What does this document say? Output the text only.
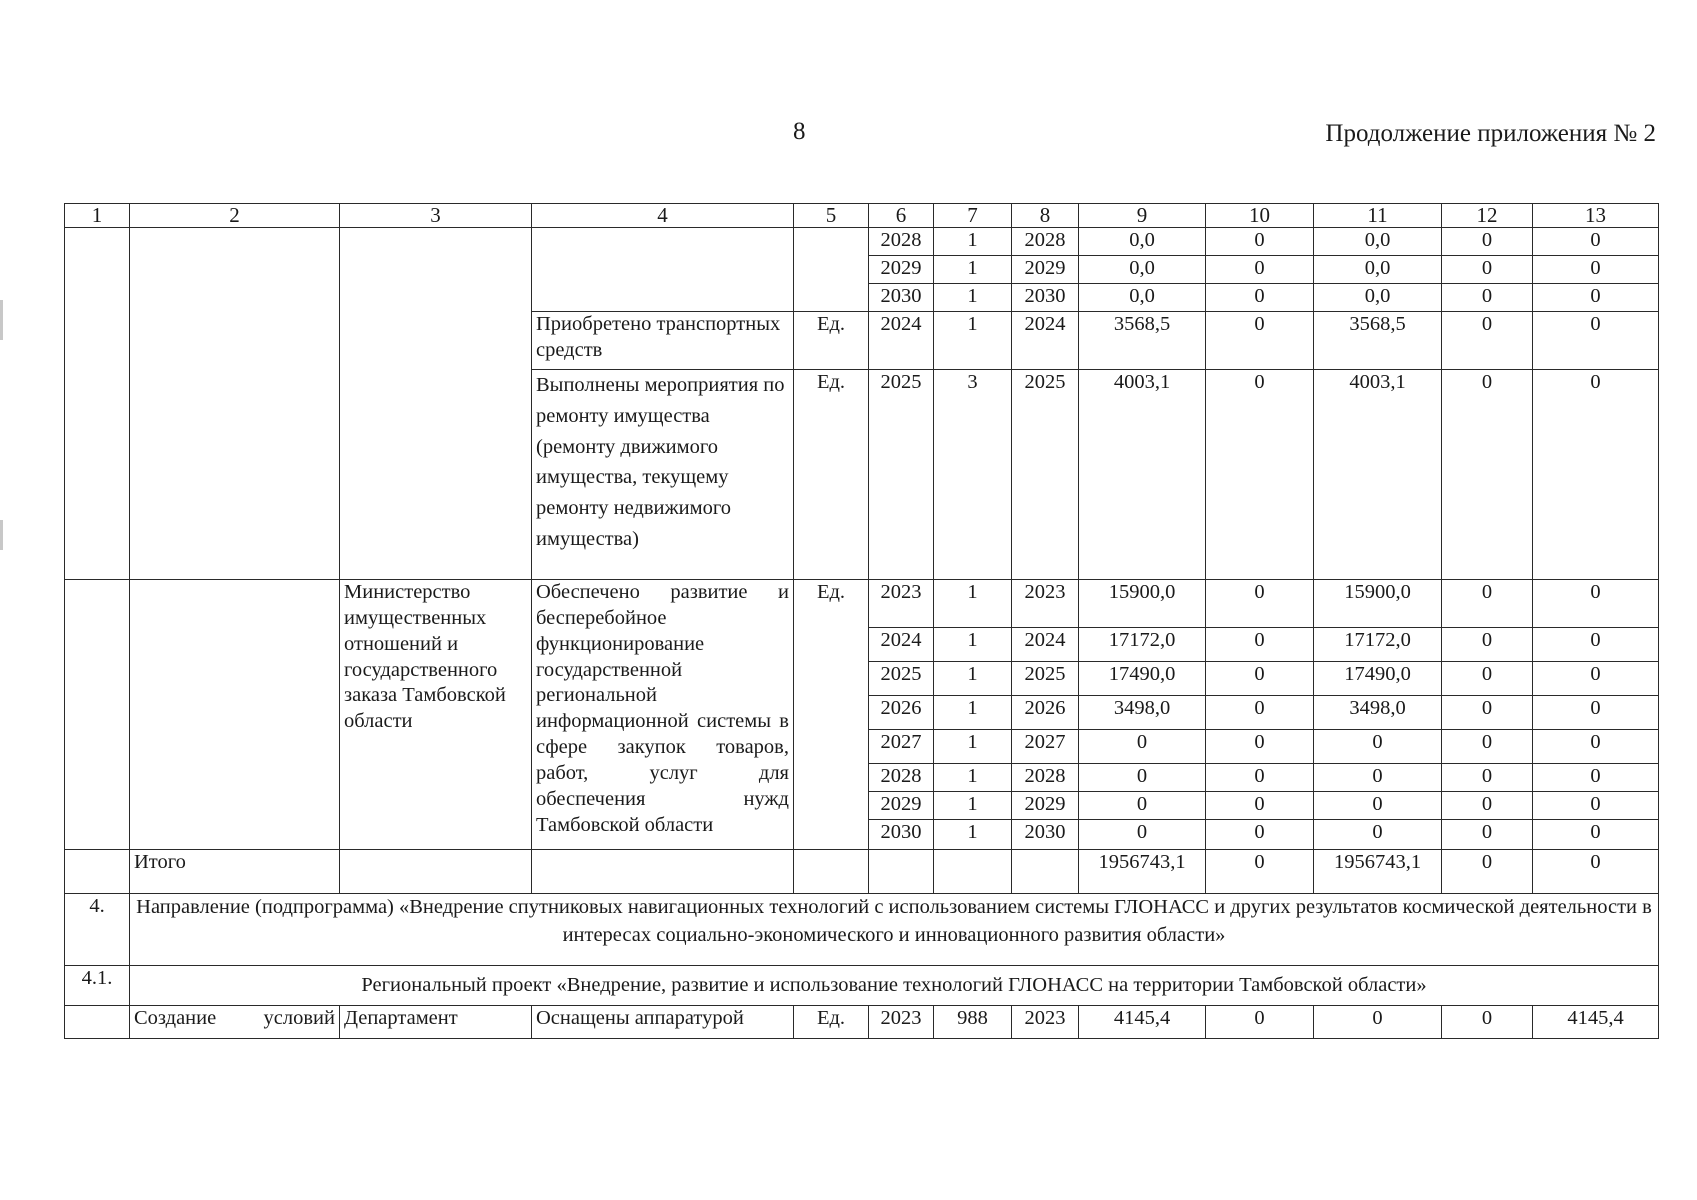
8	Продолжение приложения № 2
1	2	3	4	5	6	7	8	9	10	11	12	13
					2028	1	2028	0,0	0	0,0	0	0
					2029	1	2029	0,0	0	0,0	0	0
					2030	1	2030	0,0	0	0,0	0	0
			Приобретено транспортных средств	Ед.	2024	1	2024	3568,5	0	3568,5	0	0
			Выполнены мероприятия по ремонту имущества (ремонту движимого имущества, текущему ремонту недвижимого имущества)	Ед.	2025	3	2025	4003,1	0	4003,1	0	0
		Министерство имущественных отношений и государственного заказа Тамбовской области	Обеспечено развитие и бесперебойное функционирование государственной региональной информационной системы в сфере закупок товаров, работ, услуг для обеспечения нужд Тамбовской области	Ед.	2023	1	2023	15900,0	0	15900,0	0	0
					2024	1	2024	17172,0	0	17172,0	0	0
					2025	1	2025	17490,0	0	17490,0	0	0
					2026	1	2026	3498,0	0	3498,0	0	0
					2027	1	2027	0	0	0	0	0
					2028	1	2028	0	0	0	0	0
					2029	1	2029	0	0	0	0	0
					2030	1	2030	0	0	0	0	0
	Итого							1956743,1	0	1956743,1	0	0
4.	Направление (подпрограмма) «Внедрение спутниковых навигационных технологий с использованием системы ГЛОНАСС и других результатов космической деятельности в интересах социально-экономического и инновационного развития области»											
4.1.	Региональный проект «Внедрение, развитие и использование технологий ГЛОНАСС на территории Тамбовской области»											
	Создание условий	Департамент	Оснащены аппаратурой	Ед.	2023	988	2023	4145,4	0	0	0	4145,4
